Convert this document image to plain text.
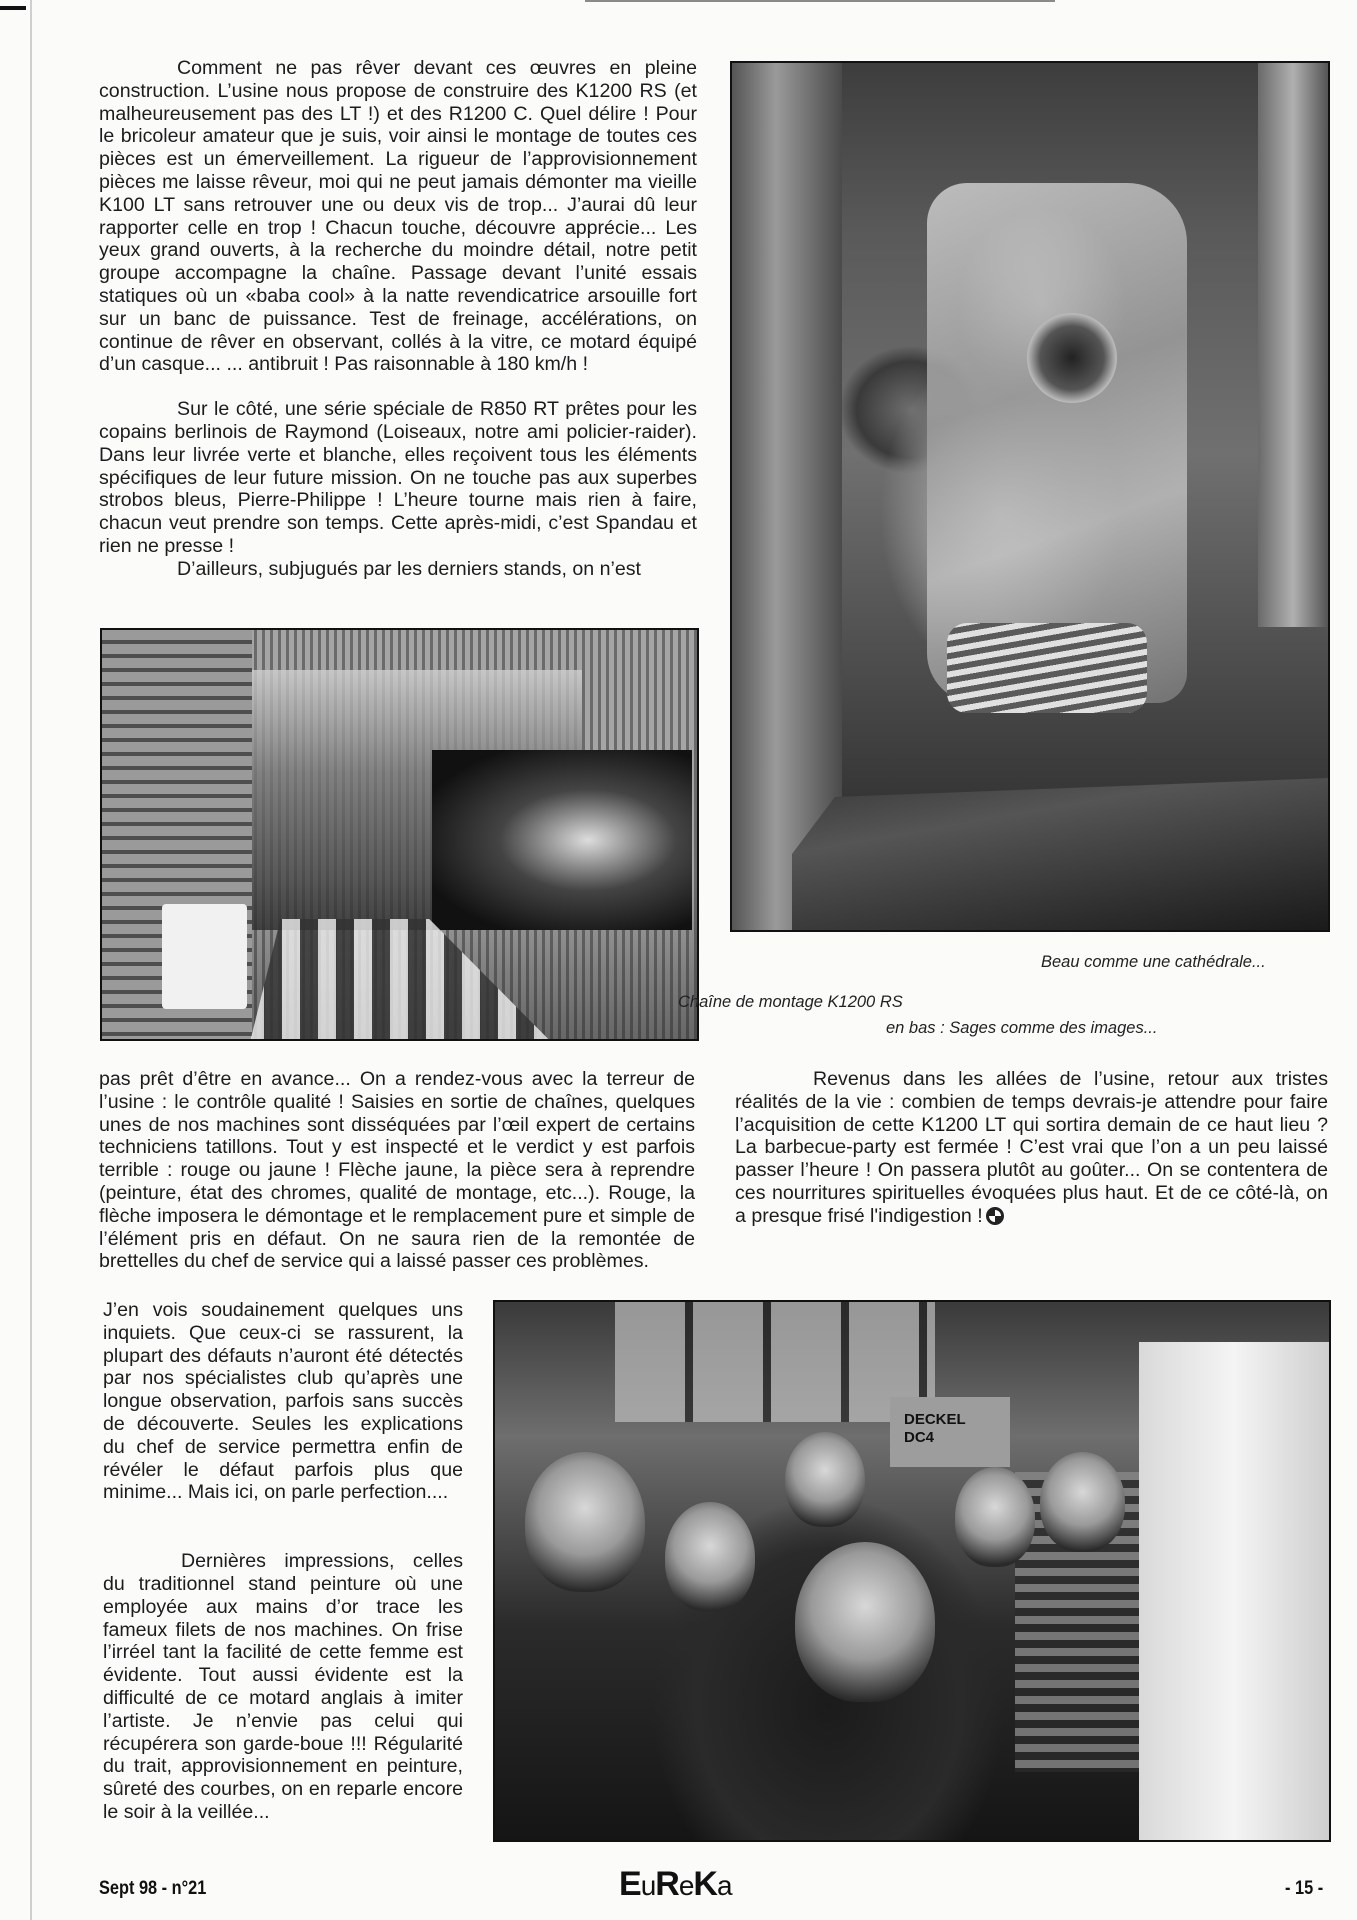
Comment ne pas rêver devant ces œuvres en pleine construction. L’usine nous propose de construire des K1200 RS (et malheureusement pas des LT !) et des R1200 C. Quel délire ! Pour le bricoleur amateur que je suis, voir ainsi le montage de toutes ces pièces est un émerveillement. La rigueur de l’approvisionnement pièces me laisse rêveur, moi qui ne peut jamais démonter ma vieille K100 LT sans retrouver une ou deux vis de trop... J’aurai dû leur rapporter celle en trop ! Chacun touche, découvre apprécie... Les yeux grand ouverts, à la recherche du moindre détail, notre petit groupe accompagne la chaîne. Passage devant l’unité essais statiques où un «baba cool» à la natte revendicatrice arsouille fort sur un banc de puissance. Test de freinage, accélérations, on continue de rêver en observant, collés à la vitre, ce motard équipé d’un casque... ... antibruit ! Pas raisonnable à 180 km/h !

Sur le côté, une série spéciale de R850 RT prêtes pour les copains berlinois de Raymond (Loiseaux, notre ami policier-raider). Dans leur livrée verte et blanche, elles reçoivent tous les éléments spécifiques de leur future mission. On ne touche pas aux superbes strobos bleus, Pierre-Philippe ! L’heure tourne mais rien à faire, chacun veut prendre son temps. Cette après-midi, c’est Spandau et rien ne presse !

D’ailleurs, subjugués par les derniers stands, on n’est

Beau comme une cathédrale...
Chaîne de montage K1200 RS
en bas : Sages comme des images...

pas prêt d’être en avance... On a rendez-vous avec la terreur de l’usine : le contrôle qualité ! Saisies en sortie de chaînes, quelques unes de nos machines sont disséquées par l’œil expert de certains techniciens tatillons. Tout y est inspecté et le verdict y est parfois terrible : rouge ou jaune ! Flèche jaune, la pièce sera à reprendre (peinture, état des chromes, qualité de montage, etc...). Rouge, la flèche imposera le démontage et le remplacement pure et simple de l’élément pris en défaut. On ne saura rien de la remontée de brettelles du chef de service qui a laissé passer ces problèmes.

Revenus dans les allées de l’usine, retour aux tristes réalités de la vie : combien de temps devrais-je attendre pour faire l’acquisition de cette K1200 LT qui sortira demain de ce haut lieu ? La barbecue-party est fermée ! C’est vrai que l’on a un peu laissé passer l’heure ! On passera plutôt au goûter... On se contentera de ces nourritures spirituelles évoquées plus haut. Et de ce côté-là, on a presque frisé l'indigestion !

J’en vois soudainement quelques uns inquiets. Que ceux-ci se rassurent, la plupart des défauts n’auront été détectés par nos spécialistes club qu’après une longue observation, parfois sans succès de découverte. Seules les explications du chef de service permettra enfin de révéler le défaut parfois plus que minime... Mais ici, on parle perfection....

Dernières impressions, celles du traditionnel stand peinture où une employée aux mains d’or trace les fameux filets de nos machines. On frise l’irréel tant la facilité de cette femme est évidente. Tout aussi évidente est la difficulté de ce motard anglais à imiter l’artiste. Je n’envie pas celui qui récupérera son garde-boue !!! Régularité du trait, approvisionnement en peinture, sûreté des courbes, on en reparle encore le soir à la veillée...

DECKEL
DC4
Sept 98 - n°21	EuReKa	- 15 -
